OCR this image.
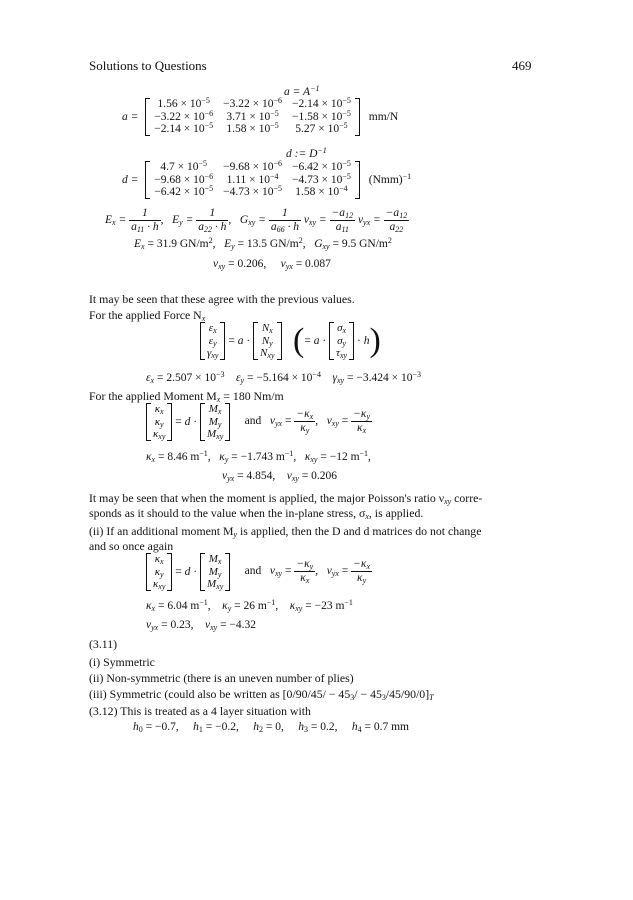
Solutions to Questions	469
$a = A^{-1}$
a =
$1.56 \times 10^{-5}$	$-3.22 \times 10^{-6}$	$-2.14 \times 10^{-5}$
$-3.22 \times 10^{-6}$	$3.71 \times 10^{-5}$	$-1.58 \times 10^{-5}$
$-2.14 \times 10^{-5}$	$1.58 \times 10^{-5}$	$5.27 \times 10^{-5}$
mm/N
d := $D^{-1}$
d =
$4.7 \times 10^{-5}$	$-9.68 \times 10^{-6}$	$-6.42 \times 10^{-5}$
$-9.68 \times 10^{-6}$	$1.11 \times 10^{-4}$	$-4.73 \times 10^{-5}$
$-6.42 \times 10^{-5}$	$-4.73 \times 10^{-5}$	$1.58 \times 10^{-4}$
(Nmm)$^{-1}$
$E_x = \frac{1}{a_{11} \cdot h}$ ,   $E_y = \frac{1}{a_{22} \cdot h}$ ,   $G_{xy} = \frac{1}{a_{66} \cdot h} \nu_{xy} = \frac{-a_{12}}{a_{11}} \nu_{yx} = \frac{-a_{12}}{a_{22}}$
$E_x = 31.9$ $GN/m^2$,   $E_y = 13.5$ $GN/m^2$,   $G_{xy} = 9.5$ $GN/m^2$
$\nu_{xy} = 0.206$, $\nu_{yx} = 0.087$
It may be seen that these agree with the previous values.
For the applied Force $N_x$
$\varepsilon_x$
$\varepsilon_y$
$\gamma_{xy}$
= a ·
$N_x$
$N_y$
$N_{xy}$ (= a ·
$\sigma_x$
$\sigma_y$
$\tau_{xy}$
· h)
$\varepsilon_x = 2.507 \times 10^{-3}$ $\varepsilon_y = -5.164 \times 10^{-4}$ $\gamma_{xy} = -3.424 \times 10^{-3}$
For the applied Moment $M_x = 180$ Nm/m
$\kappa_x$
$\kappa_y$
$\kappa_{xy}$
= d ·
$M_x$
$M_y$
$M_{xy}$
and $\nu_{yx} = \frac{-\kappa_x}{\kappa_y}$ ,   $\nu_{xy} = \frac{-\kappa_y}{\kappa_x}$
$\kappa_x = 8.46$ $m^{-1}$,   $\kappa_y = -1.743$ $m^{-1}$,   $\kappa_{xy} = -12$ $m^{-1}$,
$\nu_{yx} = 4.854$, $\nu_{xy} = 0.206$
It may be seen that when the moment is applied, the major Poisson's ratio $\nu_{xy}$ corre-
sponds as it should to the value when the in-plane stress, $\sigma_x$, is applied.
(ii) If an additional moment $M_y$ is applied, then the D and d matrices do not change
and so once again
$\kappa_x$
$\kappa_y$
$\kappa_{xy}$
= d ·
$M_x$
$M_y$
$M_{xy}$
and $\nu_{xy} = \frac{-\kappa_y}{\kappa_x}$ ,   $\nu_{yx} = \frac{-\kappa_x}{\kappa_y}$
$\kappa_x = 6.04$ $m^{-1}$,    $\kappa_y = 26$ $m^{-1}$,    $\kappa_{xy} = -23$ $m^{-1}$
$\nu_{yx} = 0.23$, $\nu_{xy} = -4.32$
(3.11)
(i) Symmetric
(ii) Non-symmetric (there is an uneven number of plies)
(iii) Symmetric (could also be written as $[0/90/45/ - 45_3/ - 45_3/45/90/0]_T$
(3.12) This is treated as a 4 layer situation with
$h_0 = -0.7$, $h_1 = -0.2$, $h_2 = 0$, $h_3 = 0.2$, $h_4 = 0.7$ mm
